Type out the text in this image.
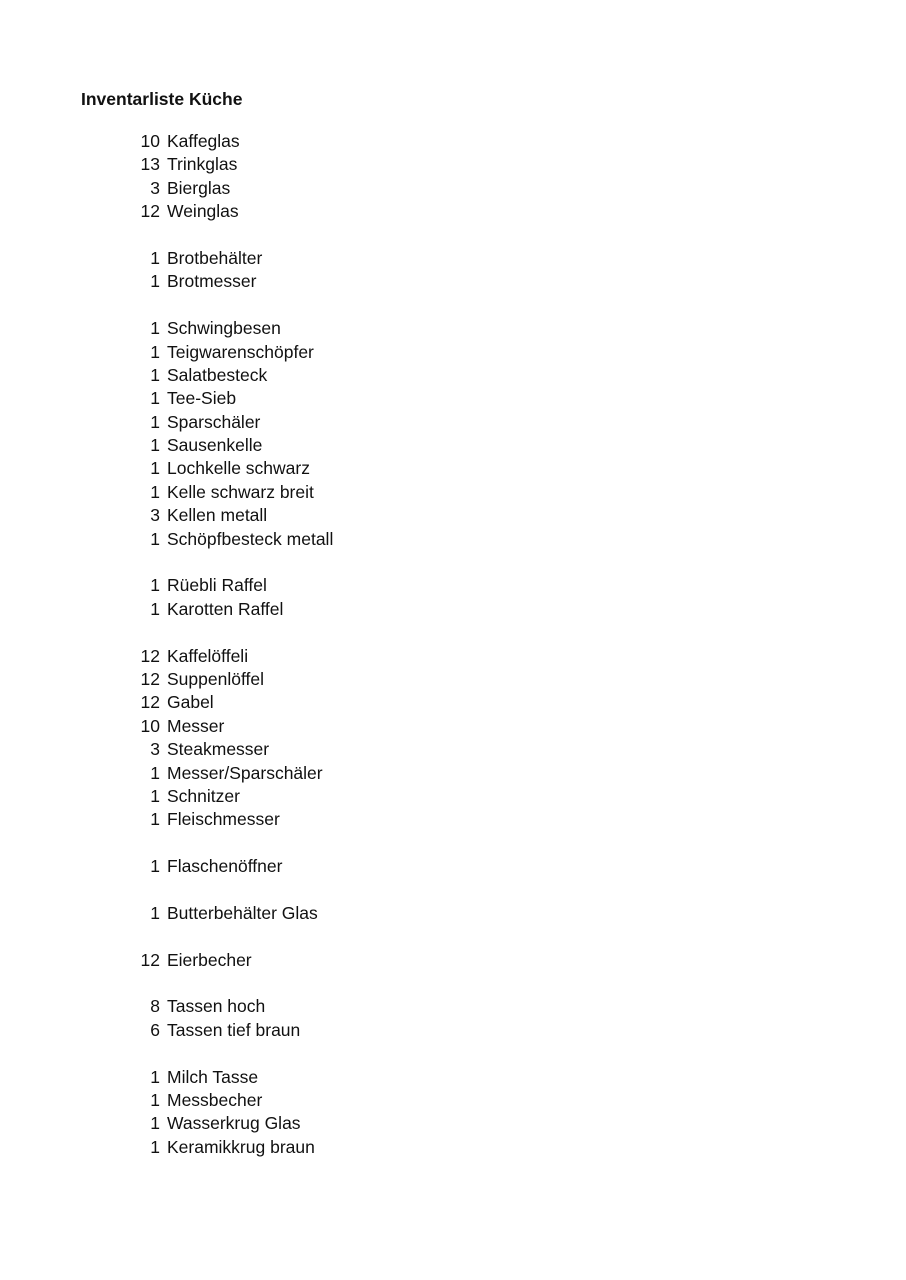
Inventarliste Küche
10 Kaffeglas
13 Trinkglas
3 Bierglas
12 Weinglas
1 Brotbehälter
1 Brotmesser
1 Schwingbesen
1 Teigwarenschöpfer
1 Salatbesteck
1 Tee-Sieb
1 Sparschäler
1 Sausenkelle
1 Lochkelle schwarz
1 Kelle schwarz breit
3 Kellen metall
1 Schöpfbesteck metall
1 Rüebli Raffel
1 Karotten Raffel
12 Kaffelöffeli
12 Suppenlöffel
12 Gabel
10 Messer
3 Steakmesser
1 Messer/Sparschäler
1 Schnitzer
1 Fleischmesser
1 Flaschenöffner
1 Butterbehälter Glas
12 Eierbecher
8 Tassen hoch
6 Tassen tief braun
1 Milch Tasse
1 Messbecher
1 Wasserkrug Glas
1 Keramikkrug braun
